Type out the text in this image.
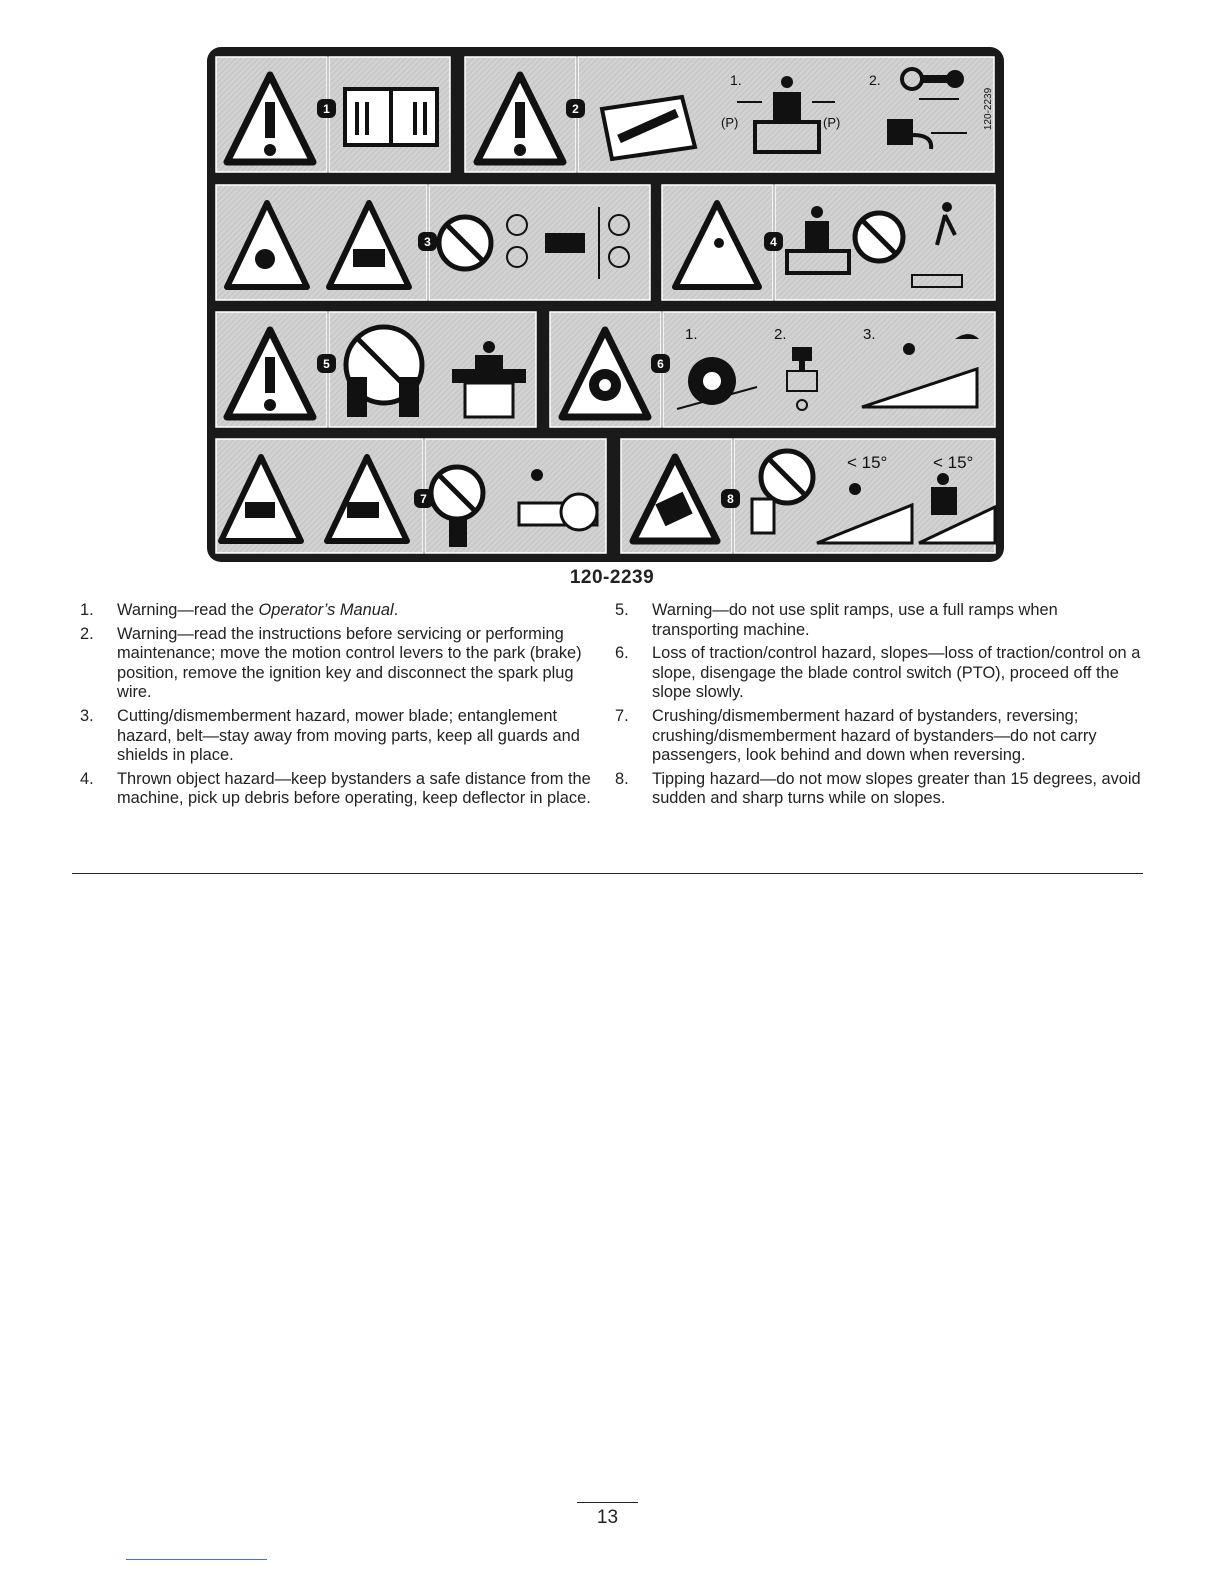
1.	2.
(P)	(P)	120-2239
1.	2.	3.
< 15°	< 15°
1	2
3	4
5	6
7	8
120-2239
1.	Warning—read the Operator’s Manual.
2.	Warning—read the instructions before servicing or performing maintenance; move the motion control levers to the park (brake) position, remove the ignition key and disconnect the spark plug wire.
3.	Cutting/dismemberment hazard, mower blade; entanglement hazard, belt—stay away from moving parts, keep all guards and shields in place.
4.	Thrown object hazard—keep bystanders a safe distance from the machine, pick up debris before operating, keep deflector in place.
5.	Warning—do not use split ramps, use a full ramps when transporting machine.
6.	Loss of traction/control hazard, slopes—loss of traction/control on a slope, disengage the blade control switch (PTO), proceed off the slope slowly.
7.	Crushing/dismemberment hazard of bystanders, reversing; crushing/dismemberment hazard of bystanders—do not carry passengers, look behind and down when reversing.
8.	Tipping hazard—do not mow slopes greater than 15 degrees, avoid sudden and sharp turns while on slopes.
13
